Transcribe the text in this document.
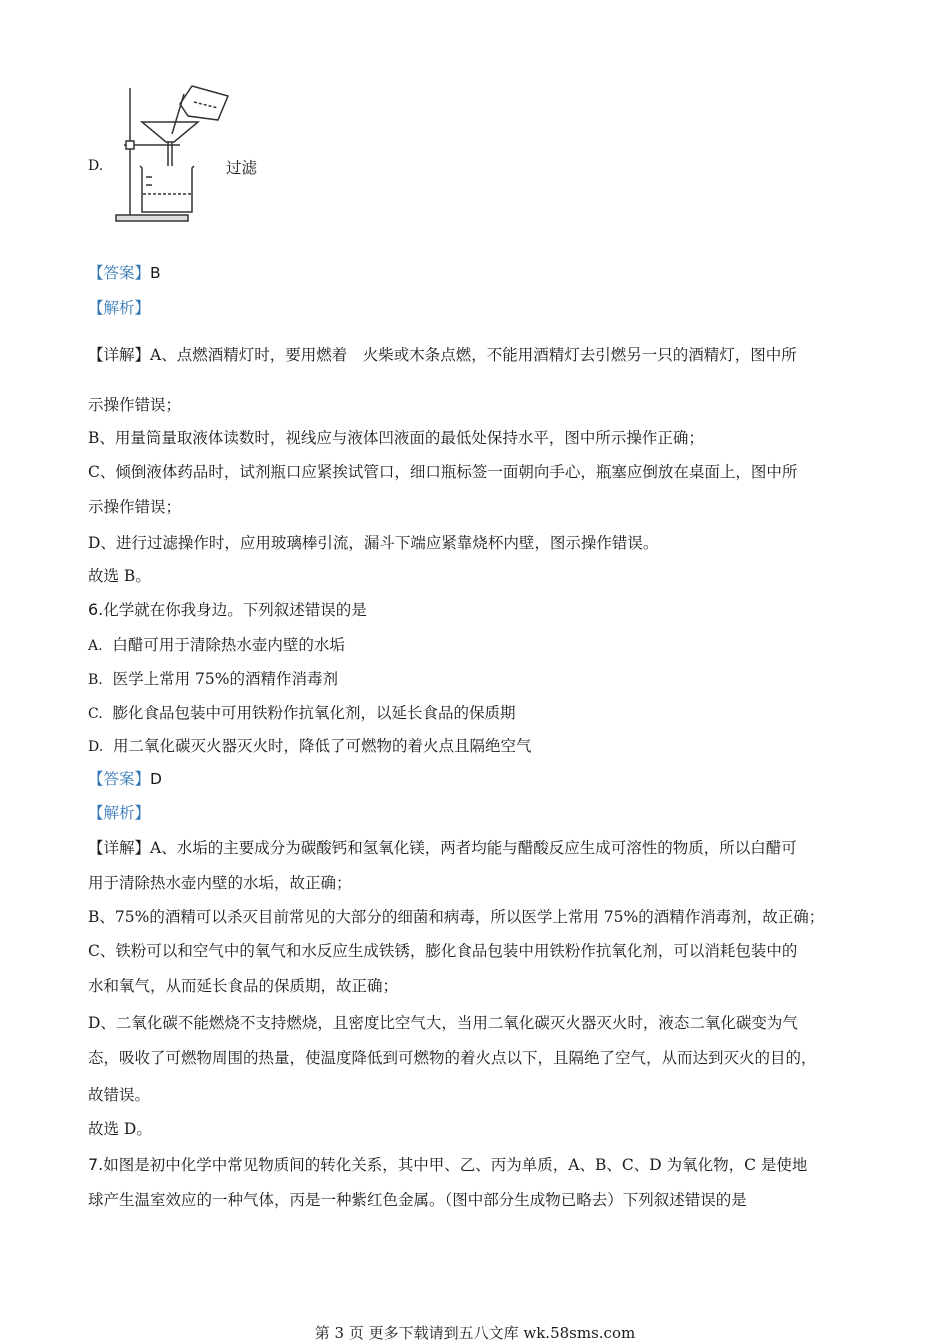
D.	过滤
【答案】B
【解析】
【详解】A、点燃酒精灯时，要用燃着　火柴或木条点燃，不能用酒精灯去引燃另一只的酒精灯，图中所
示操作错误；
B、用量筒量取液体读数时，视线应与液体凹液面的最低处保持水平，图中所示操作正确；
C、倾倒液体药品时，试剂瓶口应紧挨试管口，细口瓶标签一面朝向手心，瓶塞应倒放在桌面上，图中所
示操作错误；
D、进行过滤操作时，应用玻璃棒引流，漏斗下端应紧靠烧杯内壁，图示操作错误。
故选 B。
6.化学就在你我身边。下列叙述错误的是
A. 白醋可用于清除热水壶内壁的水垢
B. 医学上常用 75%的酒精作消毒剂
C. 膨化食品包装中可用铁粉作抗氧化剂，以延长食品的保质期
D. 用二氧化碳灭火器灭火时，降低了可燃物的着火点且隔绝空气
【答案】D
【解析】
【详解】A、水垢的主要成分为碳酸钙和氢氧化镁，两者均能与醋酸反应生成可溶性的物质，所以白醋可
用于清除热水壶内壁的水垢，故正确；
B、75%的酒精可以杀灭目前常见的大部分的细菌和病毒，所以医学上常用 75%的酒精作消毒剂，故正确；
C、铁粉可以和空气中的氧气和水反应生成铁锈，膨化食品包装中用铁粉作抗氧化剂，可以消耗包装中的
水和氧气，从而延长食品的保质期，故正确；
D、二氧化碳不能燃烧不支持燃烧，且密度比空气大，当用二氧化碳灭火器灭火时，液态二氧化碳变为气
态，吸收了可燃物周围的热量，使温度降低到可燃物的着火点以下，且隔绝了空气，从而达到灭火的目的，
故错误。
故选 D。
7.如图是初中化学中常见物质间的转化关系，其中甲、乙、丙为单质，A、B、C、D 为氧化物，C 是使地
球产生温室效应的一种气体，丙是一种紫红色金属。（图中部分生成物已略去）下列叙述错误的是
第 3 页 更多下载请到五八文库 wk.58sms.com
